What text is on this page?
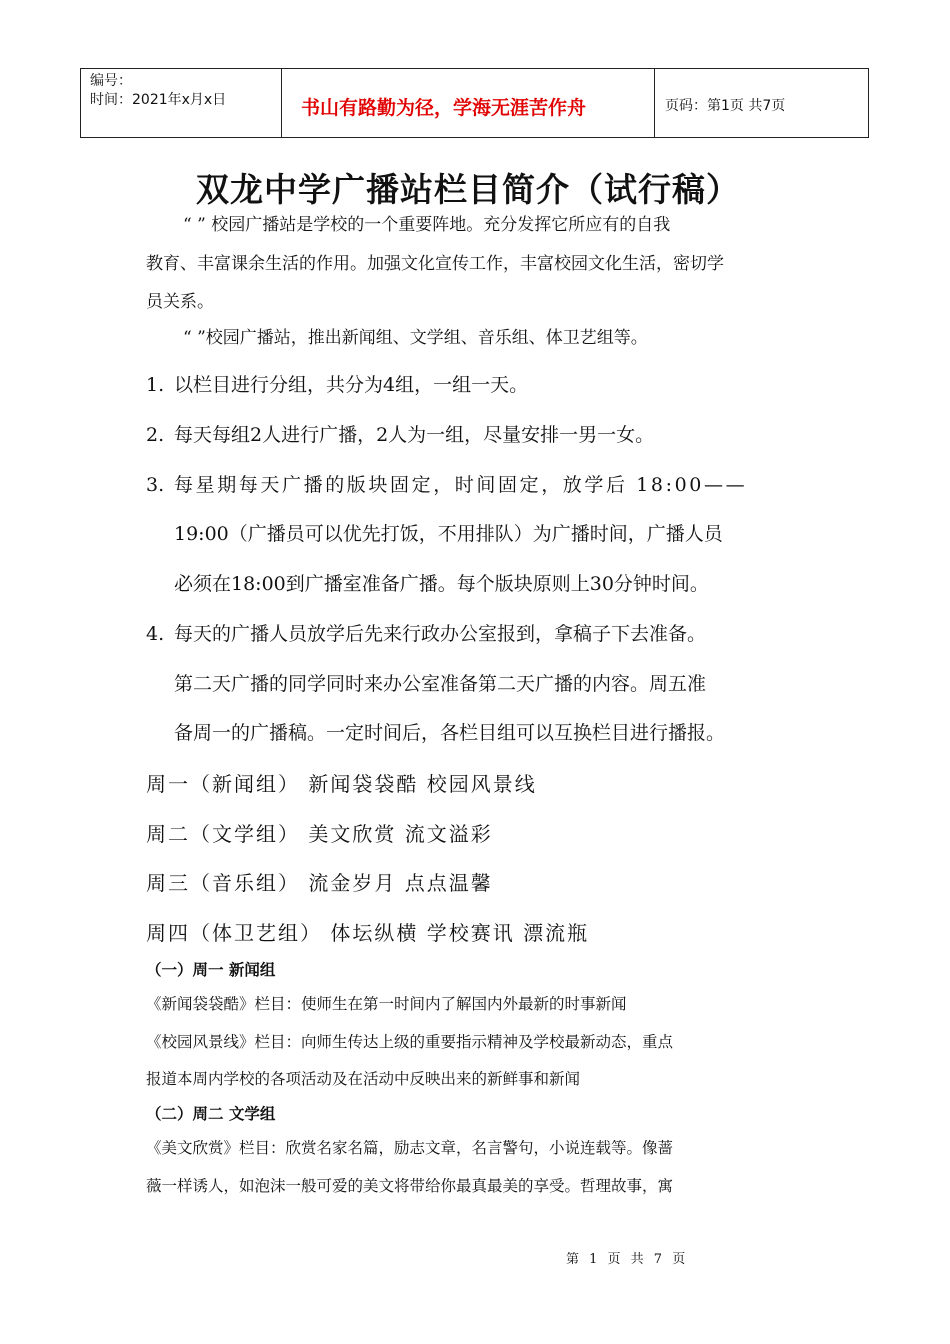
编号：
时间：2021年x月x日	书山有路勤为径，学海无涯苦作舟	页码：第1页 共7页
双龙中学广播站栏目简介（试行稿）
“ ” 校园广播站是学校的一个重要阵地。充分发挥它所应有的自我
教育、丰富课余生活的作用。加强文化宣传工作，丰富校园文化生活，密切学
员关系。
“ ”校园广播站，推出新闻组、文学组、音乐组、体卫艺组等。
1. 以栏目进行分组，共分为4组，一组一天。
2. 每天每组2人进行广播，2人为一组，尽量安排一男一女。
3. 每星期每天广播的版块固定，时间固定，放学后 18:00——
19:00（广播员可以优先打饭，不用排队）为广播时间，广播人员
必须在18:00到广播室准备广播。每个版块原则上30分钟时间。
4. 每天的广播人员放学后先来行政办公室报到，拿稿子下去准备。
第二天广播的同学同时来办公室准备第二天广播的内容。周五准
备周一的广播稿。一定时间后，各栏目组可以互换栏目进行播报。
周一（新闻组） 新闻袋袋酷 校园风景线
周二（文学组） 美文欣赏 流文溢彩
周三（音乐组） 流金岁月 点点温馨
周四（体卫艺组） 体坛纵横 学校赛讯 漂流瓶
（一）周一 新闻组
《新闻袋袋酷》栏目：使师生在第一时间内了解国内外最新的时事新闻
《校园风景线》栏目：向师生传达上级的重要指示精神及学校最新动态，重点
报道本周内学校的各项活动及在活动中反映出来的新鲜事和新闻
（二）周二 文学组
《美文欣赏》栏目：欣赏名家名篇，励志文章，名言警句，小说连载等。像蔷
薇一样诱人，如泡沫一般可爱的美文将带给你最真最美的享受。哲理故事，寓
第 1 页 共 7 页
